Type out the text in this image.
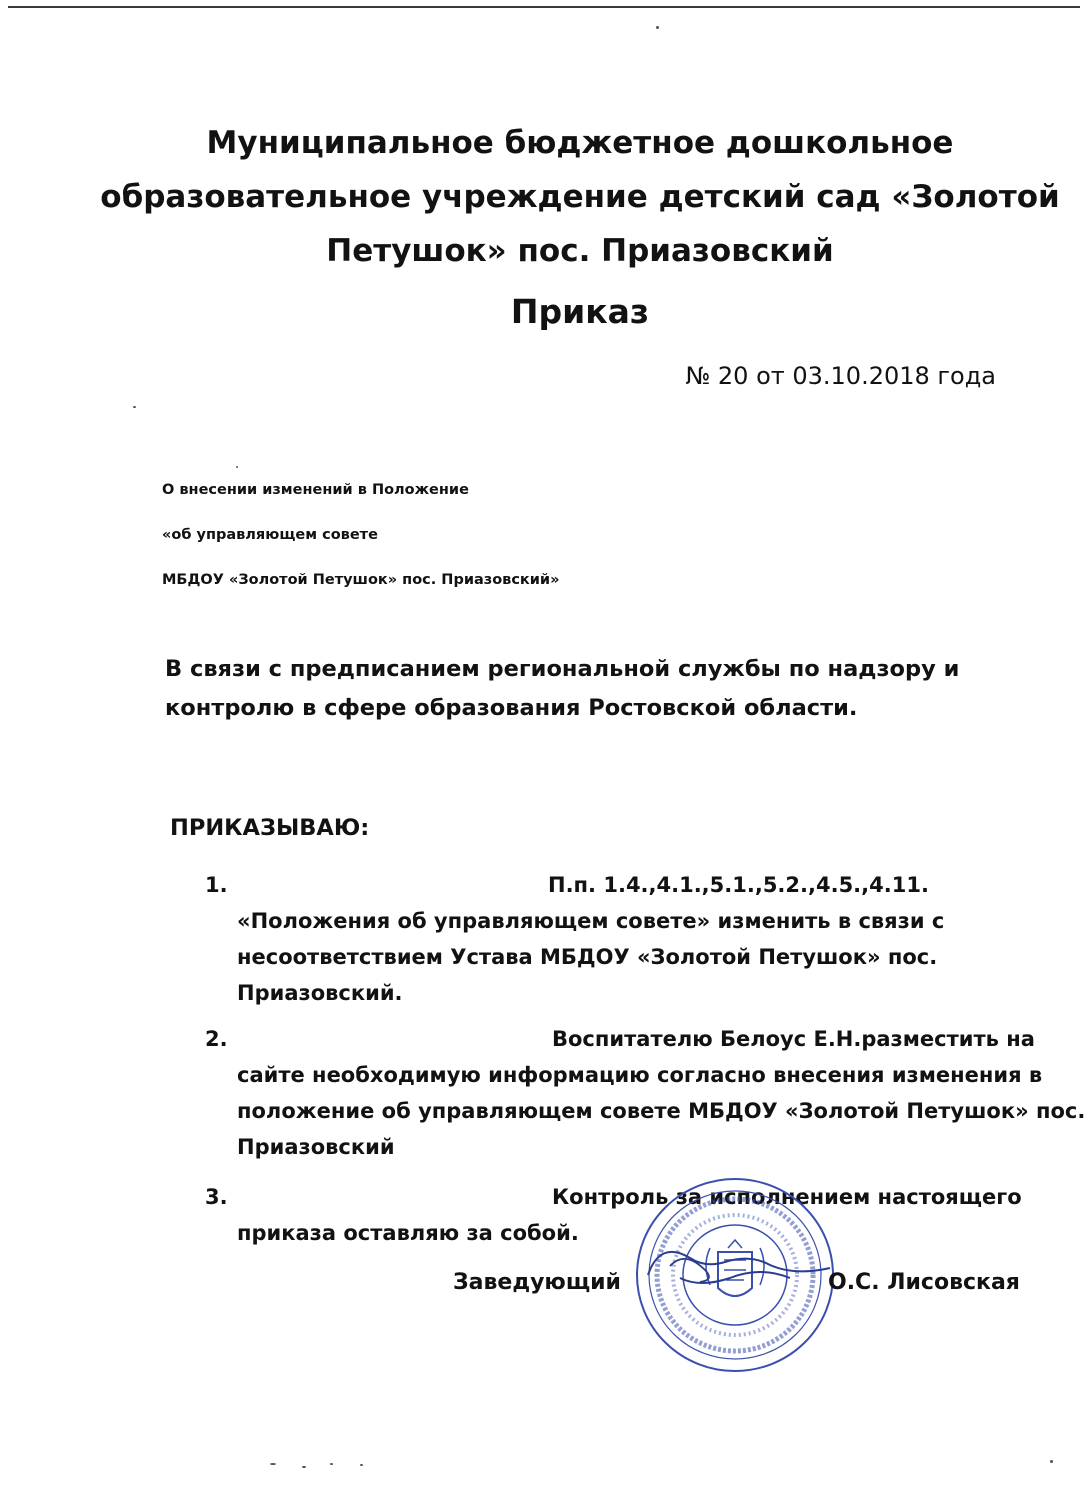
Муниципальное бюджетное дошкольное
образовательное учреждение детский сад «Золотой
Петушок» пос. Приазовский
Приказ
№ 20 от 03.10.2018 года
О внесении изменений в Положение
«об управляющем совете
МБДОУ «Золотой Петушок» пос. Приазовский»
В связи с предписанием региональной службы по надзору и
контролю в сфере образования Ростовской области.
ПРИКАЗЫВАЮ:
1.	П.п. 1.4.,4.1.,5.1.,5.2.,4.5.,4.11.
«Положения об управляющем совете» изменить в связи с
несоответствием Устава МБДОУ «Золотой Петушок» пос.
Приазовский.
2.	Воспитателю Белоус Е.Н.разместить на
сайте необходимую информацию согласно внесения изменения в
положение об управляющем совете МБДОУ «Золотой Петушок» пос.
Приазовский
3.	Контроль за исполнением настоящего
приказа оставляю за собой.
Заведующий	О.С. Лисовская
